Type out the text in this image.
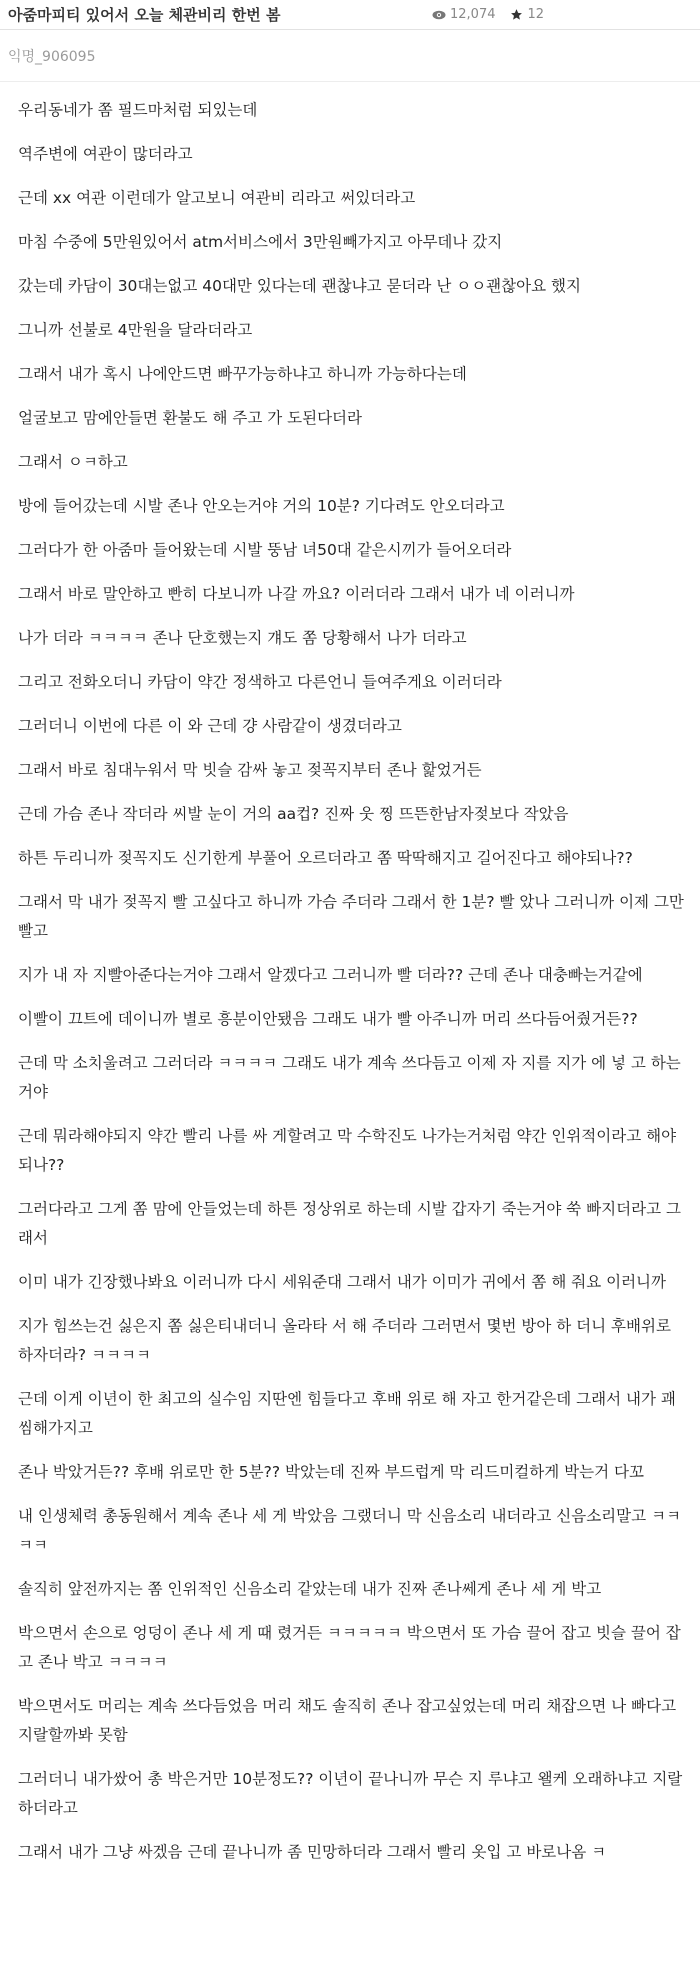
아줌마피티 있어서 오늘 체관비리 한번 봄	12,074 12
익명_906095

우리동네가 쫌 필드마처럼 되있는데

역주변에 여관이 많더라고

근데 xx 여관 이런데가 알고보니 여관비 리라고 써있더라고

마침 수중에 5만원있어서 atm서비스에서 3만원빼가지고 아무데나 갔지

갔는데 카담이 30대는없고 40대만 있다는데 괜찮냐고 묻더라 난 ㅇㅇ괜찮아요 했지

그니까 선불로 4만원을 달라더라고

그래서 내가 혹시 나에안드면 빠꾸가능하냐고 하니까 가능하다는데

얼굴보고 맘에안들면 환불도 해 주고 가 도된다더라

그래서 ㅇㅋ하고

방에 들어갔는데 시발 존나 안오는거야 거의 10분? 기다려도 안오더라고

그러다가 한 아줌마 들어왔는데 시발 뚱남 녀50대 같은시끼가 들어오더라

그래서 바로 말안하고 빤히 다보니까 나갈 까요? 이러더라 그래서 내가 네 이러니까

나가 더라 ㅋㅋㅋㅋ 존나 단호했는지 걔도 쫌 당황해서 나가 더라고

그리고 전화오더니 카담이 약간 정색하고 다른언니 들여주게요 이러더라

그러더니 이번에 다른 이 와 근데 걍 사람같이 생겼더라고

그래서 바로 침대누워서 막 빗슬 감싸 놓고 젖꼭지부터 존나 핥었거든

근데 가슴 존나 작더라 씨발 눈이 거의 aa컵? 진짜 웃 찡 뜨뜬한남자젖보다 작았음

하튼 두리니까 젖꼭지도 신기한게 부풀어 오르더라고 쫌 딱딱해지고 길어진다고 해야되나??

그래서 막 내가 젖꼭지 빨 고싶다고 하니까 가슴 주더라 그래서 한 1분? 빨 았나 그러니까 이제 그만빨고

지가 내 자 지빨아준다는거야 그래서 알겠다고 그러니까 빨 더라?? 근데 존나 대충빠는거같에

이빨이 끄트에 데이니까 별로 흥분이안됐음 그래도 내가 빨 아주니까 머리 쓰다듬어줬거든??

근데 막 소치울려고 그러더라 ㅋㅋㅋㅋ 그래도 내가 계속 쓰다듬고 이제 자 지를 지가 에 넣 고 하는거야

근데 뭐라해야되지 약간 빨리 나를 싸 게할려고 막 수학진도 나가는거처럼 약간 인위적이라고 해야되나??

그러다라고 그게 쫌 맘에 안들었는데 하튼 정상위로 하는데 시발 갑자기 죽는거야 쑥 빠지더라고 그래서

이미 내가 긴장했나봐요 이러니까 다시 세워준대 그래서 내가 이미가 귀에서 쫌 해 줘요 이러니까

지가 힘쓰는건 싫은지 쫌 싫은티내더니 올라타 서 해 주더라 그러면서 몇번 방아 하 더니 후배위로 하자더라? ㅋㅋㅋㅋ

근데 이게 이년이 한 최고의 실수임 지딴엔 힘들다고 후배 위로 해 자고 한거같은데 그래서 내가 괘씸해가지고

존나 박았거든?? 후배 위로만 한 5분?? 박았는데 진짜 부드럽게 막 리드미컬하게 박는거 다꼬

내 인생체력 총동원해서 계속 존나 세 게 박았음 그랬더니 막 신음소리 내더라고 신음소리말고 ㅋㅋㅋㅋ

솔직히 앞전까지는 쫌 인위적인 신음소리 같았는데 내가 진짜 존나쎄게 존나 세 게 박고

박으면서 손으로 엉덩이 존나 세 게 때 렸거든 ㅋㅋㅋㅋㅋ 박으면서 또 가슴 끌어 잡고 빗슬 끌어 잡고 존나 박고 ㅋㅋㅋㅋ

박으면서도 머리는 계속 쓰다듬었음 머리 채도 솔직히 존나 잡고싶었는데 머리 채잡으면 나 빠다고 지랄할까봐 못함

그러더니 내가쌌어 총 박은거만 10분정도?? 이년이 끝나니까 무슨 지 루냐고 왤케 오래하냐고 지랄하더라고

그래서 내가 그냥 싸겠음 근데 끝나니까 좀 민망하더라 그래서 빨리 옷입 고 바로나옴 ㅋ
